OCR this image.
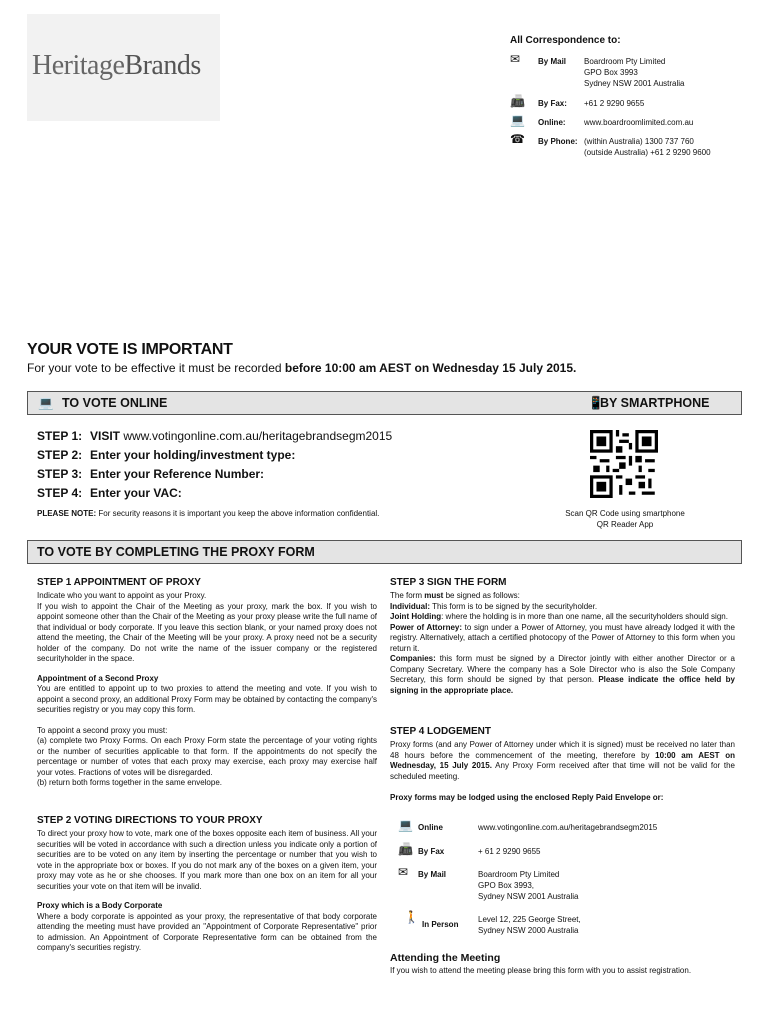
HeritageBrands
All Correspondence to:
✉	By Mail Boardroom Pty Limited
GPO Box 3993
Sydney NSW 2001 Australia
📠 By Fax: +61 2 9290 9655
💻 Online: www.boardroomlimited.com.au
☎ By Phone: (within Australia) 1300 737 760
(outside Australia) +61 2 9290 9600
YOUR VOTE IS IMPORTANT
For your vote to be effective it must be recorded before 10:00 am AEST on Wednesday 15 July 2015.
💻 TO VOTE ONLINE	📱
BY SMARTPHONE
STEP 1: VISIT www.votingonline.com.au/heritagebrandsegm2015
STEP 2: Enter your holding/investment type:
STEP 3: Enter your Reference Number:
STEP 4: Enter your VAC:
PLEASE NOTE: For security reasons it is important you keep the above information confidential.	Scan QR Code using smartphone
QR Reader App
TO VOTE BY COMPLETING THE PROXY FORM
STEP 1 APPOINTMENT OF PROXY
Indicate who you want to appoint as your Proxy.
If you wish to appoint the Chair of the Meeting as your proxy, mark the box. If you wish to appoint someone other than the Chair of the Meeting as your proxy please write the full name of that individual or body corporate. If you leave this section blank, or your named proxy does not attend the meeting, the Chair of the Meeting will be your proxy. A proxy need not be a security holder of the company. Do not write the name of the issuer company or the registered securityholder in the space.
Appointment of a Second Proxy
You are entitled to appoint up to two proxies to attend the meeting and vote. If you wish to appoint a second proxy, an additional Proxy Form may be obtained by contacting the company's securities registry or you may copy this form.
To appoint a second proxy you must:
(a) complete two Proxy Forms. On each Proxy Form state the percentage of your voting rights or the number of securities applicable to that form. If the appointments do not specify the percentage or number of votes that each proxy may exercise, each proxy may exercise half your votes. Fractions of votes will be disregarded.
(b) return both forms together in the same envelope.
STEP 2 VOTING DIRECTIONS TO YOUR PROXY
To direct your proxy how to vote, mark one of the boxes opposite each item of business. All your securities will be voted in accordance with such a direction unless you indicate only a portion of securities are to be voted on any item by inserting the percentage or number that you wish to vote in the appropriate box or boxes. If you do not mark any of the boxes on a given item, your proxy may vote as he or she chooses. If you mark more than one box on an item for all your securities your vote on that item will be invalid.
Proxy which is a Body Corporate
Where a body corporate is appointed as your proxy, the representative of that body corporate attending the meeting must have provided an "Appointment of Corporate Representative" prior to admission. An Appointment of Corporate Representative form can be obtained from the company's securities registry.
STEP 3 SIGN THE FORM
The form must be signed as follows:
Individual: This form is to be signed by the securityholder.
Joint Holding: where the holding is in more than one name, all the securityholders should sign.
Power of Attorney: to sign under a Power of Attorney, you must have already lodged it with the registry. Alternatively, attach a certified photocopy of the Power of Attorney to this form when you return it.
Companies: this form must be signed by a Director jointly with either another Director or a Company Secretary. Where the company has a Sole Director who is also the Sole Company Secretary, this form should be signed by that person. Please indicate the office held by signing in the appropriate place.
STEP 4 LODGEMENT
Proxy forms (and any Power of Attorney under which it is signed) must be received no later than 48 hours before the commencement of the meeting, therefore by 10:00 am AEST on Wednesday, 15 July 2015. Any Proxy Form received after that time will not be valid for the scheduled meeting.
Proxy forms may be lodged using the enclosed Reply Paid Envelope or:
💻 Online	www.votingonline.com.au/heritagebrandsegm2015
📠 By Fax	+ 61 2 9290 9655
✉	By Mail	Boardroom Pty Limited
GPO Box 3993,
Sydney NSW 2001 Australia
🚶
In Person
Level 12, 225 George Street,
Sydney NSW 2000 Australia
Attending the Meeting
If you wish to attend the meeting please bring this form with you to assist registration.
